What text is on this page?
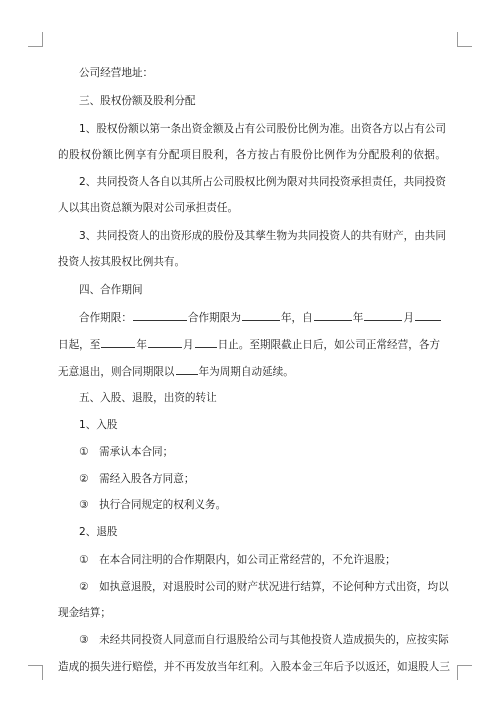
公司经营地址：
三、股权份额及股利分配
1、股权份额以第一条出资金额及占有公司股份比例为准。出资各方以占有公司
的股权份额比例享有分配项目股利，各方按占有股份比例作为分配股利的依据。
2、共同投资人各自以其所占公司股权比例为限对共同投资承担责任，共同投资
人以其出资总额为限对公司承担责任。
3、共同投资人的出资形成的股份及其孳生物为共同投资人的共有财产，由共同
投资人按其股权比例共有。
四、合作期间
合作期限：	合作期限为	年，自	年	月
日起，至	年	月 日止。至期限截止日后，如公司正常经营，各方
无意退出，则合同期限以 年为周期自动延续。
五、入股、退股，出资的转让
1、入股
①　需承认本合同；
②　需经入股各方同意；
③　执行合同规定的权利义务。
2、退股
①　在本合同注明的合作期限内，如公司正常经营的，不允许退股；
②　如执意退股，对退股时公司的财产状况进行结算，不论何种方式出资，均以
现金结算；
③　未经共同投资人同意而自行退股给公司与其他投资人造成损失的，应按实际
造成的损失进行赔偿，并不再发放当年红利。入股本金三年后予以返还，如退股人三
